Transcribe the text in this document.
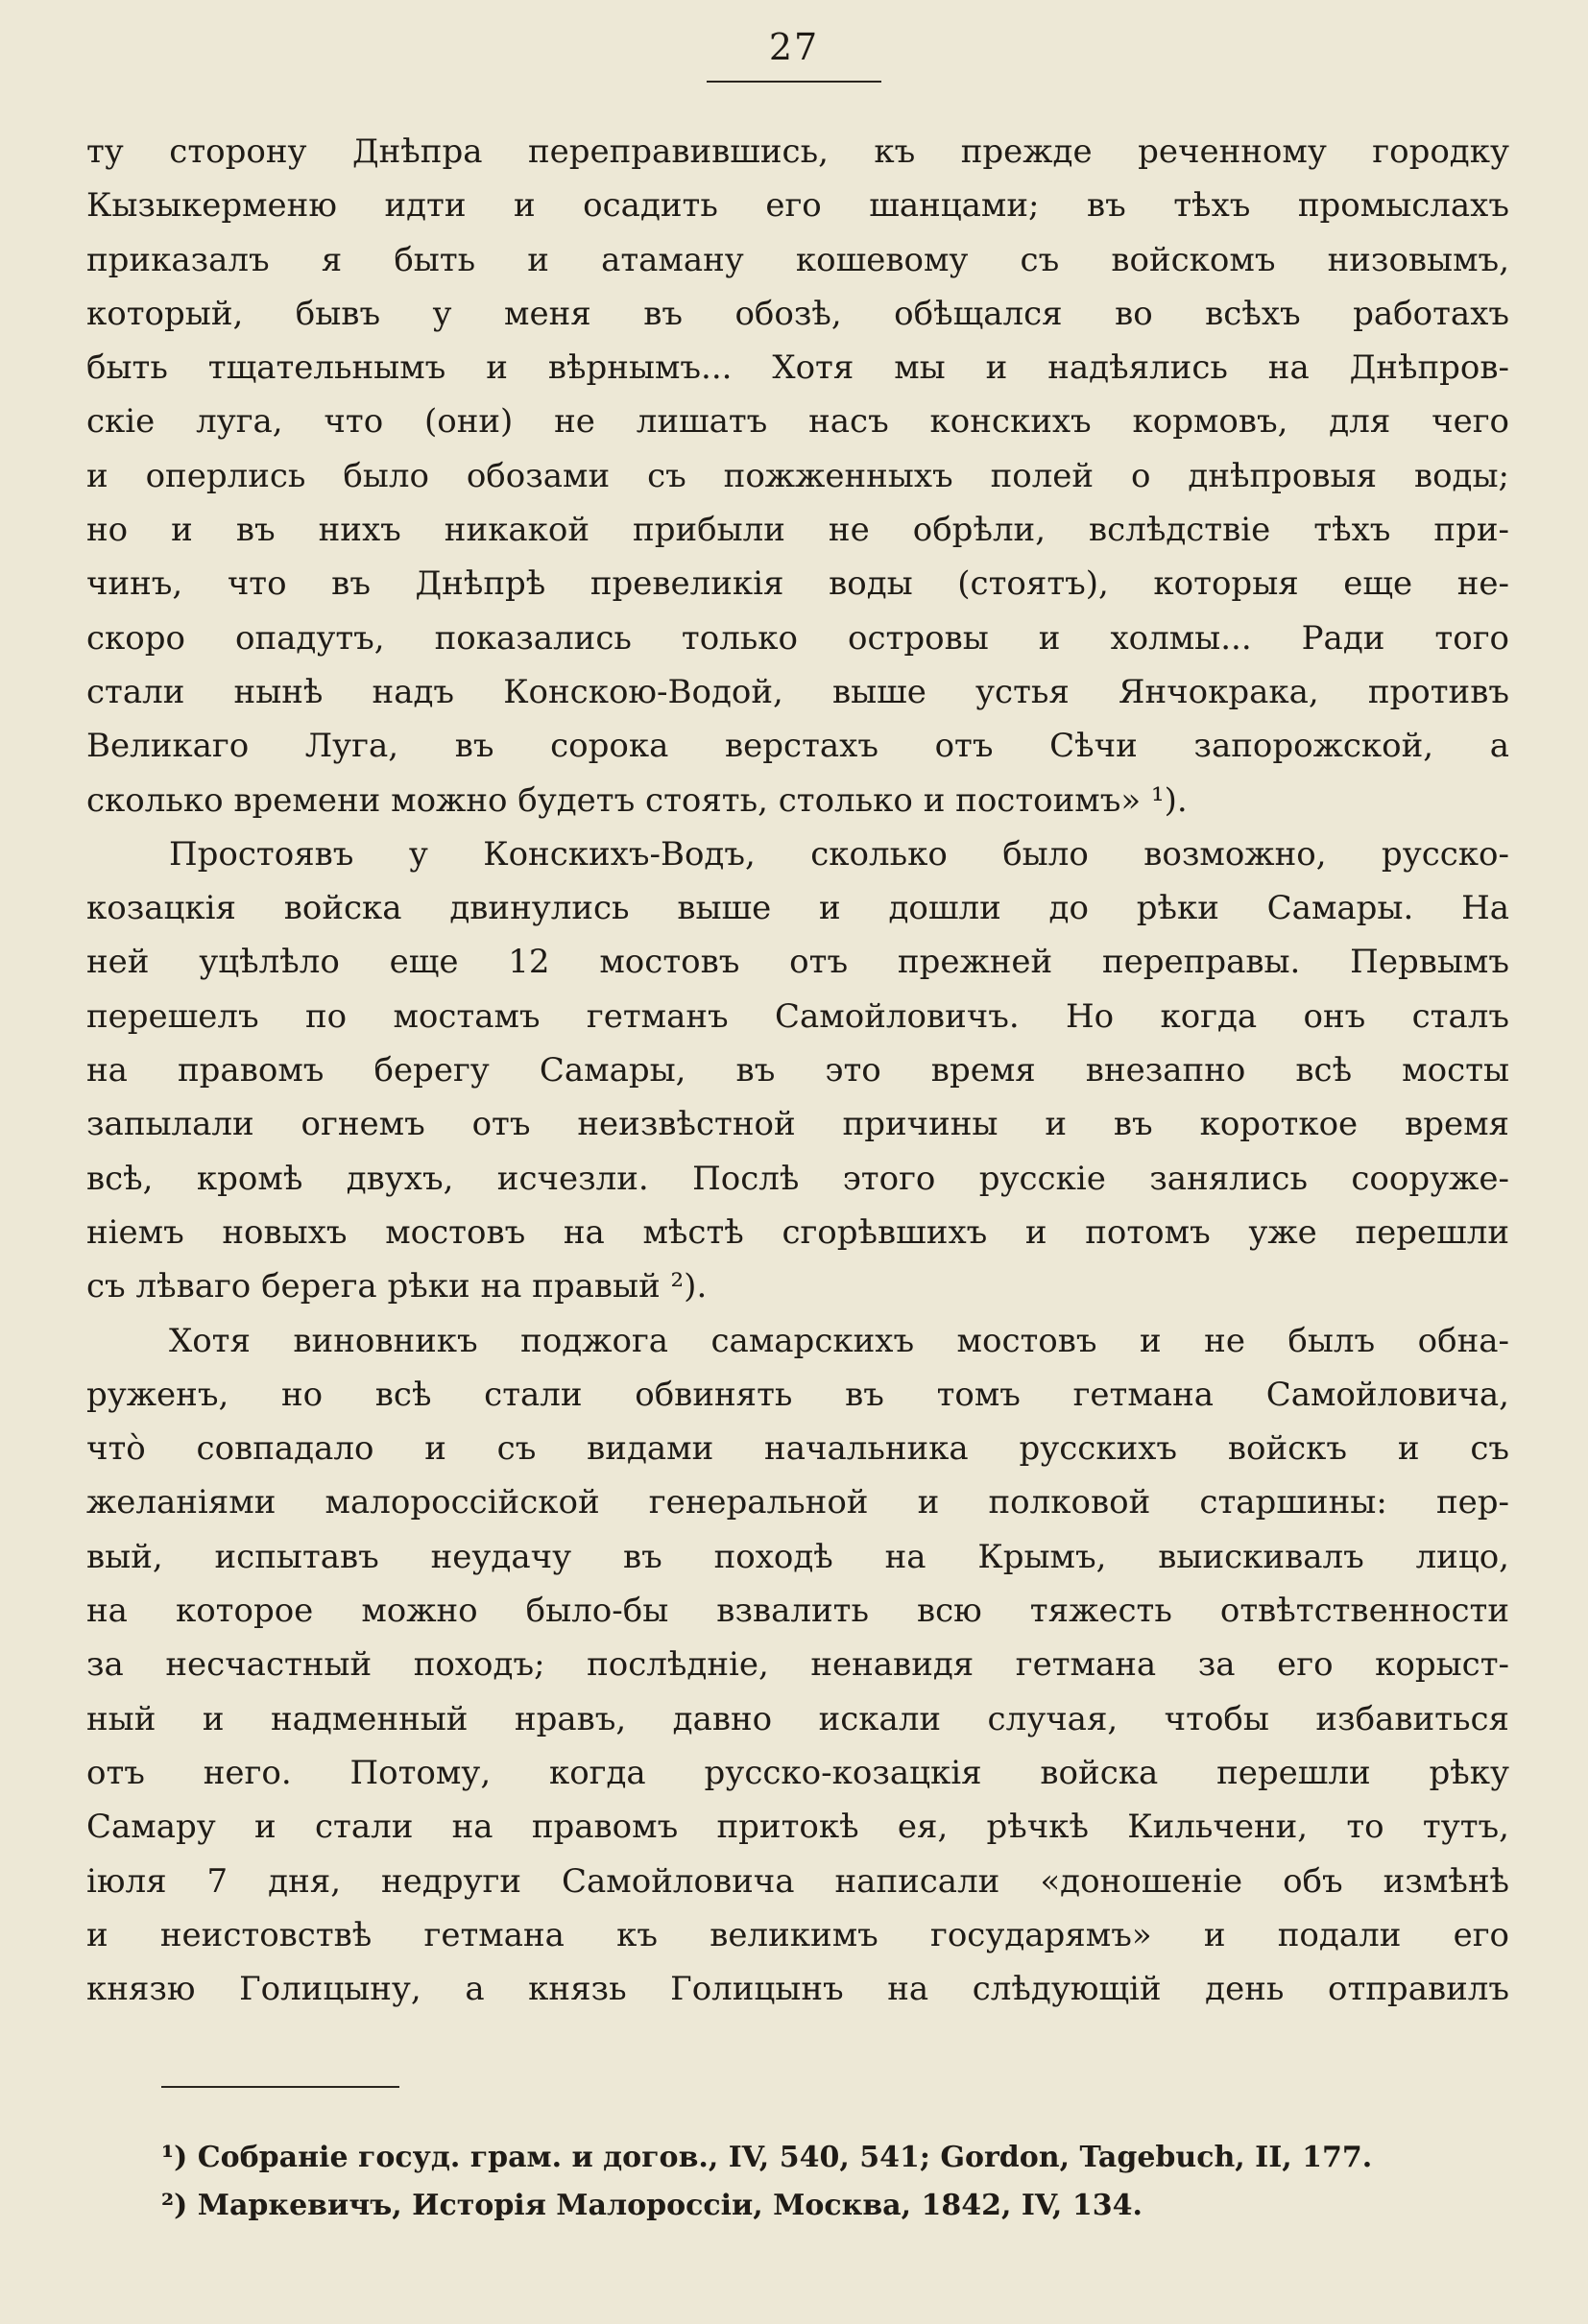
27
ту сторону Днѣпра переправившись, къ прежде реченному городку
Кызыкерменю идти и осадить его шанцами; въ тѣхъ промыслахъ
приказалъ я быть и атаману кошевому съ войскомъ низовымъ,
который, бывъ у меня въ обозѣ, обѣщался во всѣхъ работахъ
быть тщательнымъ и вѣрнымъ... Хотя мы и надѣялись на Днѣпров-
скіе луга, что (они) не лишатъ насъ конскихъ кормовъ, для чего
и оперлись было обозами съ пожженныхъ полей о днѣпровыя воды;
но и въ нихъ никакой прибыли не обрѣли, вслѣдствіе тѣхъ при-
чинъ, что въ Днѣпрѣ превеликія воды (стоятъ), которыя еще не-
скоро опадутъ, показались только островы и холмы... Ради того
стали нынѣ надъ Конскою-Водой, выше устья Янчокрака, противъ
Великаго Луга, въ сорока верстахъ отъ Сѣчи запорожской, а
сколько времени можно будетъ стоять, столько и постоимъ» ¹).
Простоявъ у Конскихъ-Водъ, сколько было возможно, русско-
козацкія войска двинулись выше и дошли до рѣки Самары. На
ней уцѣлѣло еще 12 мостовъ отъ прежней переправы. Первымъ
перешелъ по мостамъ гетманъ Самойловичъ. Но когда онъ сталъ
на правомъ берегу Самары, въ это время внезапно всѣ мосты
запылали огнемъ отъ неизвѣстной причины и въ короткое время
всѣ, кромѣ двухъ, исчезли. Послѣ этого русскіе занялись сооруже-
ніемъ новыхъ мостовъ на мѣстѣ сгорѣвшихъ и потомъ уже перешли
съ лѣваго берега рѣки на правый ²).
Хотя виновникъ поджога самарскихъ мостовъ и не былъ обна-
руженъ, но всѣ стали обвинять въ томъ гетмана Самойловича,
что̀ совпадало и съ видами начальника русскихъ войскъ и съ
желаніями малороссійской генеральной и полковой старшины: пер-
вый, испытавъ неудачу въ походѣ на Крымъ, выискивалъ лицо,
на которое можно было-бы взвалить всю тяжесть отвѣтственности
за несчастный походъ; послѣдніе, ненавидя гетмана за его корыст-
ный и надменный нравъ, давно искали случая, чтобы избавиться
отъ него. Потому, когда русско-козацкія войска перешли рѣку
Самару и стали на правомъ притокѣ ея, рѣчкѣ Кильчени, то тутъ,
іюля 7 дня, недруги Самойловича написали «доношеніе объ измѣнѣ
и неистовствѣ гетмана къ великимъ государямъ» и подали его
князю Голицыну, а князь Голицынъ на слѣдующій день отправилъ
¹) Собраніе госуд. грам. и догов., IV, 540, 541; Gordon, Tagebuch, II, 177.
²) Маркевичъ, Исторія Малороссіи, Москва, 1842, IV, 134.
